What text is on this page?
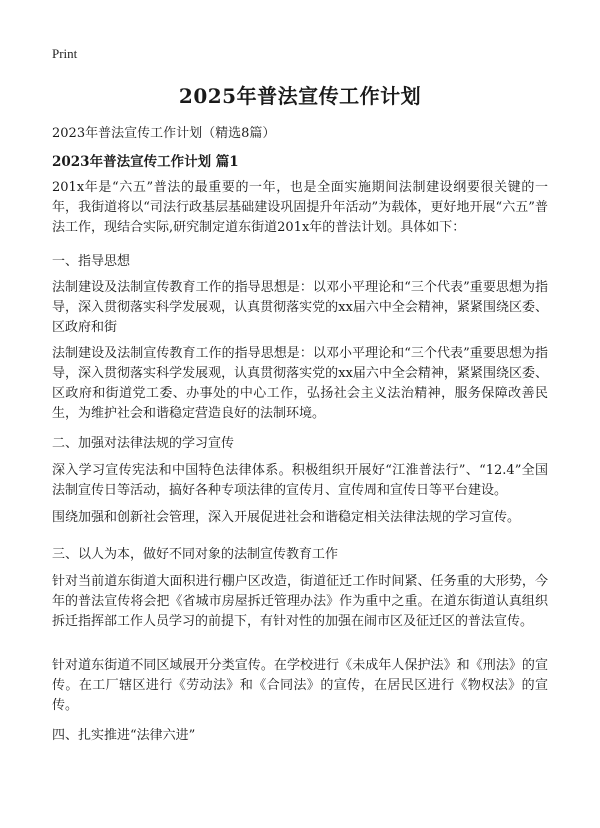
Print
2025年普法宣传工作计划
2023年普法宣传工作计划（精选8篇）
2023年普法宣传工作计划 篇1

201x年是“六五”普法的最重要的一年，也是全面实施期间法制建设纲要很关键的一年，我街道将以“司法行政基层基础建设巩固提升年活动”为载体，更好地开展“六五”普法工作，现结合实际,研究制定道东街道201x年的普法计划。具体如下：

一、指导思想

法制建设及法制宣传教育工作的指导思想是：以邓小平理论和“三个代表”重要思想为指导，深入贯彻落实科学发展观，认真贯彻落实党的xx届六中全会精神，紧紧围绕区委、区政府和街

法制建设及法制宣传教育工作的指导思想是：以邓小平理论和“三个代表”重要思想为指导，深入贯彻落实科学发展观，认真贯彻落实党的xx届六中全会精神，紧紧围绕区委、区政府和街道党工委、办事处的中心工作，弘扬社会主义法治精神，服务保障改善民生，为维护社会和谐稳定营造良好的法制环境。

二、加强对法律法规的学习宣传

深入学习宣传宪法和中国特色法律体系。积极组织开展好“江淮普法行”、“12.4”全国法制宣传日等活动，搞好各种专项法律的宣传月、宣传周和宣传日等平台建设。

围绕加强和创新社会管理，深入开展促进社会和谐稳定相关法律法规的学习宣传。

三、以人为本，做好不同对象的法制宣传教育工作

针对当前道东街道大面积进行棚户区改造，街道征迁工作时间紧、任务重的大形势，今年的普法宣传将会把《省城市房屋拆迁管理办法》作为重中之重。在道东街道认真组织拆迁指挥部工作人员学习的前提下，有针对性的加强在闹市区及征迁区的普法宣传。

针对道东街道不同区域展开分类宣传。在学校进行《未成年人保护法》和《刑法》的宣传。在工厂辖区进行《劳动法》和《合同法》的宣传，在居民区进行《物权法》的宣传。

四、扎实推进“法律六进”
